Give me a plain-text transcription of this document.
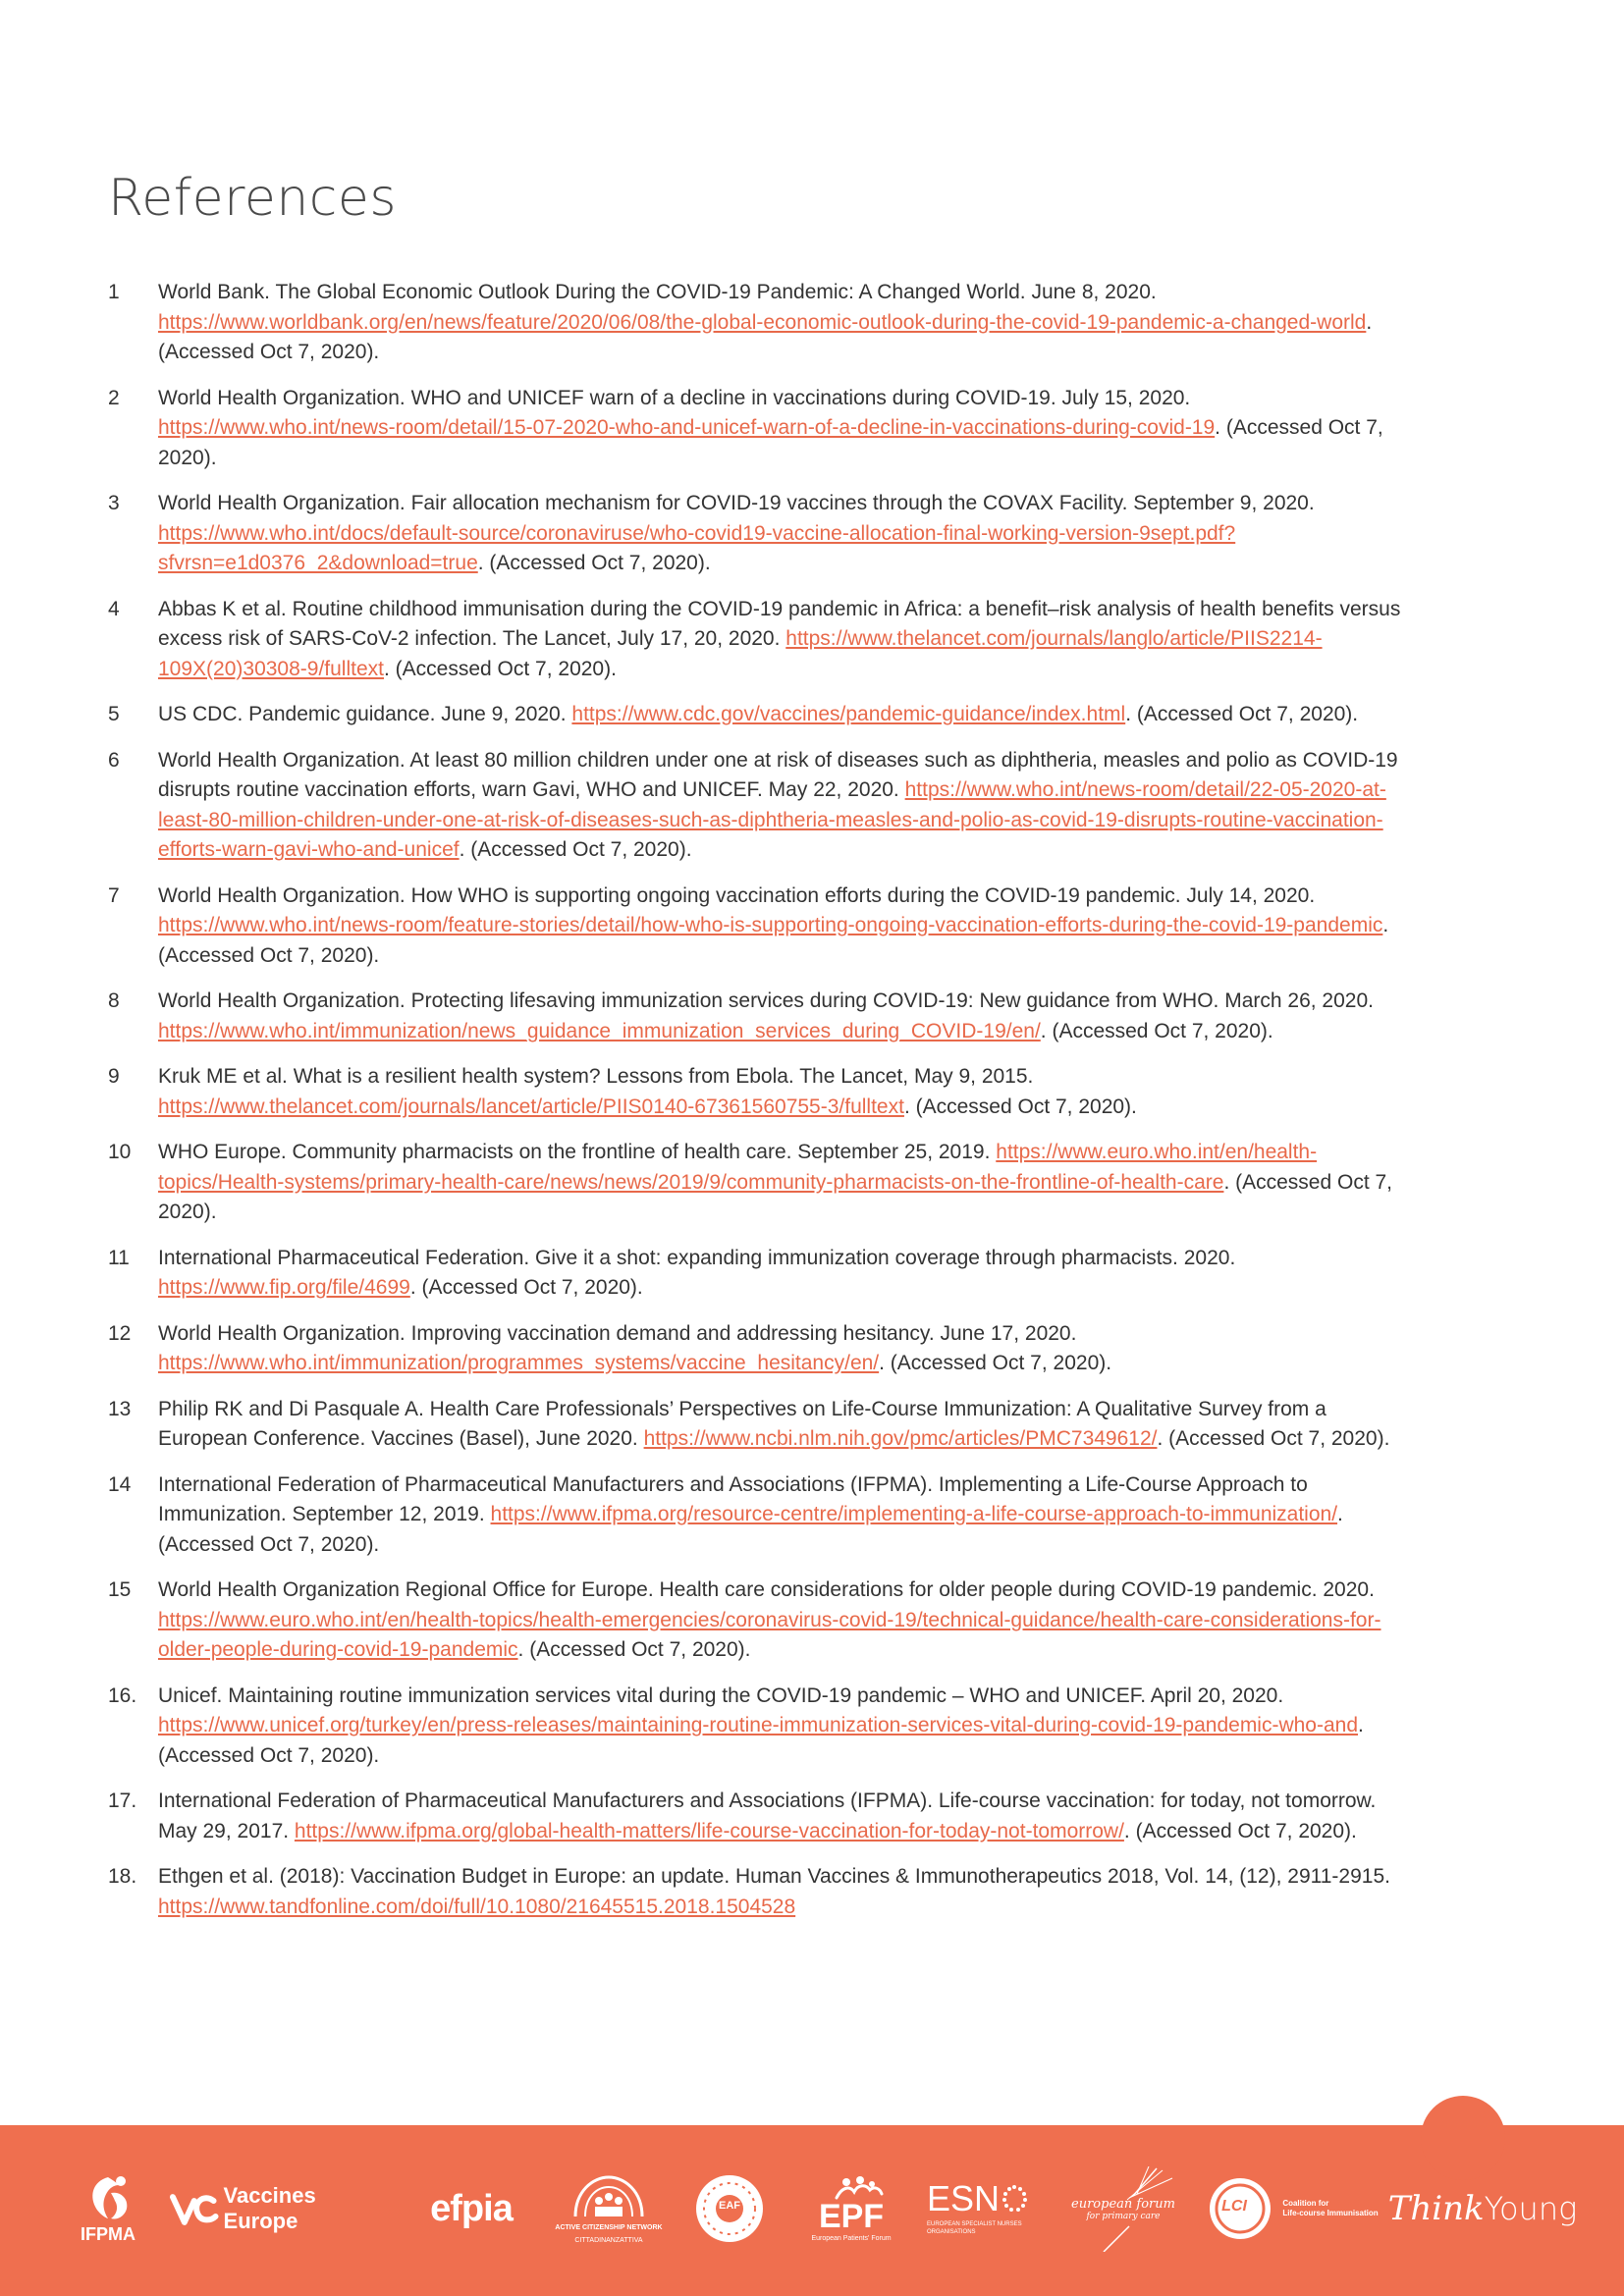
References
1	World Bank. The Global Economic Outlook During the COVID-19 Pandemic: A Changed World. June 8, 2020. https://www.worldbank.org/en/news/feature/2020/06/08/the-global-economic-outlook-during-the-covid-19-pandemic-a-changed-world. (Accessed Oct 7, 2020).
2	World Health Organization. WHO and UNICEF warn of a decline in vaccinations during COVID-19. July 15, 2020. https://www.who.int/news-room/detail/15-07-2020-who-and-unicef-warn-of-a-decline-in-vaccinations-during-covid-19. (Accessed Oct 7, 2020).
3	World Health Organization. Fair allocation mechanism for COVID-19 vaccines through the COVAX Facility. September 9, 2020. https://www.who.int/docs/default-source/coronaviruse/who-covid19-vaccine-allocation-final-working-version-9sept.pdf?sfvrsn=e1d0376_2&download=true. (Accessed Oct 7, 2020).
4	Abbas K et al. Routine childhood immunisation during the COVID-19 pandemic in Africa: a benefit–risk analysis of health benefits versus excess risk of SARS-CoV-2 infection. The Lancet, July 17, 20, 2020. https://www.thelancet.com/journals/langlo/article/PIIS2214-109X(20)30308-9/fulltext. (Accessed Oct 7, 2020).
5	US CDC. Pandemic guidance. June 9, 2020. https://www.cdc.gov/vaccines/pandemic-guidance/index.html. (Accessed Oct 7, 2020).
6	World Health Organization. At least 80 million children under one at risk of diseases such as diphtheria, measles and polio as COVID-19 disrupts routine vaccination efforts, warn Gavi, WHO and UNICEF. May 22, 2020. https://www.who.int/news-room/detail/22-05-2020-at-least-80-million-children-under-one-at-risk-of-diseases-such-as-diphtheria-measles-and-polio-as-covid-19-disrupts-routine-vaccination-efforts-warn-gavi-who-and-unicef. (Accessed Oct 7, 2020).
7	World Health Organization. How WHO is supporting ongoing vaccination efforts during the COVID-19 pandemic. July 14, 2020. https://www.who.int/news-room/feature-stories/detail/how-who-is-supporting-ongoing-vaccination-efforts-during-the-covid-19-pandemic. (Accessed Oct 7, 2020).
8	World Health Organization. Protecting lifesaving immunization services during COVID-19: New guidance from WHO. March 26, 2020. https://www.who.int/immunization/news_guidance_immunization_services_during_COVID-19/en/. (Accessed Oct 7, 2020).
9	Kruk ME et al. What is a resilient health system? Lessons from Ebola. The Lancet, May 9, 2015. https://www.thelancet.com/journals/lancet/article/PIIS0140-67361560755-3/fulltext. (Accessed Oct 7, 2020).
10	WHO Europe. Community pharmacists on the frontline of health care. September 25, 2019. https://www.euro.who.int/en/health-topics/Health-systems/primary-health-care/news/news/2019/9/community-pharmacists-on-the-frontline-of-health-care. (Accessed Oct 7, 2020).
11	International Pharmaceutical Federation. Give it a shot: expanding immunization coverage through pharmacists. 2020. https://www.fip.org/file/4699. (Accessed Oct 7, 2020).
12	World Health Organization. Improving vaccination demand and addressing hesitancy. June 17, 2020. https://www.who.int/immunization/programmes_systems/vaccine_hesitancy/en/. (Accessed Oct 7, 2020).
13	Philip RK and Di Pasquale A. Health Care Professionals’ Perspectives on Life-Course Immunization: A Qualitative Survey from a European Conference. Vaccines (Basel), June 2020. https://www.ncbi.nlm.nih.gov/pmc/articles/PMC7349612/. (Accessed Oct 7, 2020).
14	International Federation of Pharmaceutical Manufacturers and Associations (IFPMA). Implementing a Life-Course Approach to Immunization. September 12, 2019. https://www.ifpma.org/resource-centre/implementing-a-life-course-approach-to-immunization/. (Accessed Oct 7, 2020).
15	World Health Organization Regional Office for Europe. Health care considerations for older people during COVID-19 pandemic. 2020. https://www.euro.who.int/en/health-topics/health-emergencies/coronavirus-covid-19/technical-guidance/health-care-considerations-for-older-people-during-covid-19-pandemic. (Accessed Oct 7, 2020).
16.	Unicef. Maintaining routine immunization services vital during the COVID-19 pandemic – WHO and UNICEF. April 20, 2020. https://www.unicef.org/turkey/en/press-releases/maintaining-routine-immunization-services-vital-during-covid-19-pandemic-who-and. (Accessed Oct 7, 2020).
17.	International Federation of Pharmaceutical Manufacturers and Associations (IFPMA). Life-course vaccination: for today, not tomorrow. May 29, 2017. https://www.ifpma.org/global-health-matters/life-course-vaccination-for-today-not-tomorrow/. (Accessed Oct 7, 2020).
18.	Ethgen et al. (2018): Vaccination Budget in Europe: an update. Human Vaccines & Immunotherapeutics 2018, Vol. 14, (12), 2911-2915. https://www.tandfonline.com/doi/full/10.1080/21645515.2018.1504528
IFPMA
Vaccines Europe	efpia	ACTIVE CITIZENSHIP NETWORK
CITTADINANZATTIVA
EAF	EPF
European Patients' Forum
ESN
EUROPEAN SPECIALIST NURSES ORGANISATIONS
european forum
for primary care
LCI	Coalition for
Life-course Immunisation Think Young
